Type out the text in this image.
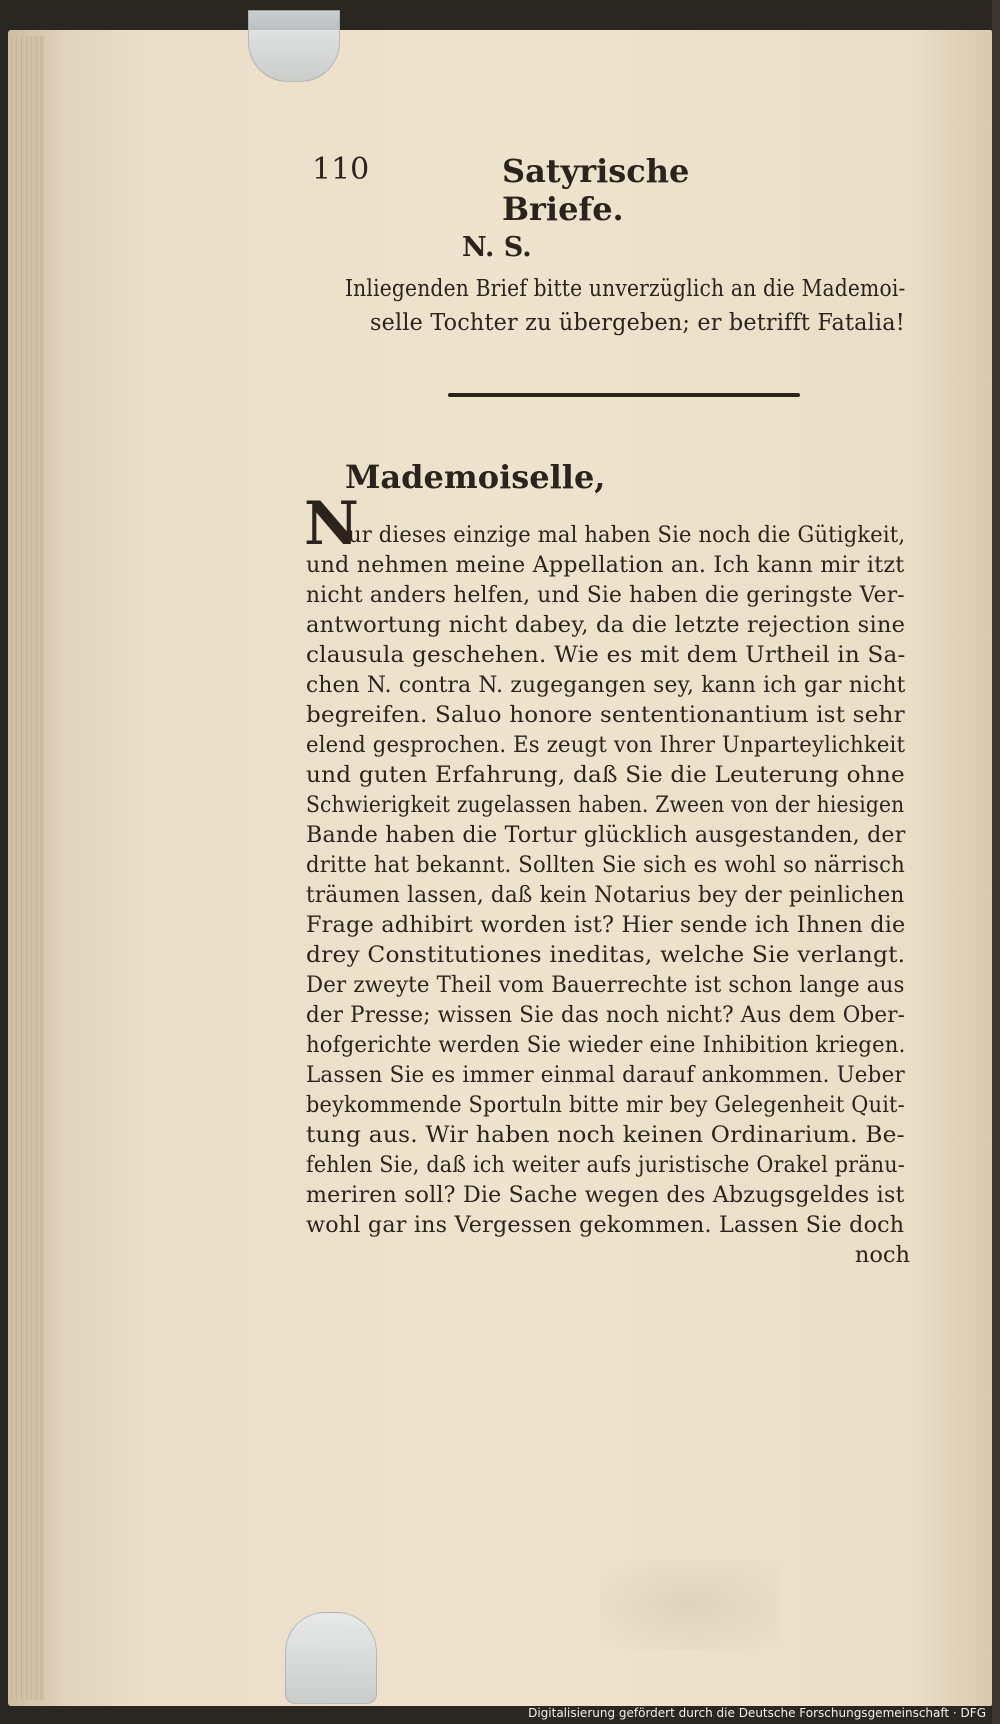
110	Satyrische Briefe.
N. S.
Inliegenden Brief bitte unverzüglich an die Mademoi-
selle Tochter zu übergeben; er betrifft Fatalia!
Mademoiselle,
N
ur dieses einzige mal haben Sie noch die Gütigkeit,
und nehmen meine Appellation an. Ich kann mir itzt
nicht anders helfen, und Sie haben die geringste Ver-
antwortung nicht dabey, da die letzte rejection sine
clausula geschehen. Wie es mit dem Urtheil in Sa-
chen N. contra N. zugegangen sey, kann ich gar nicht
begreifen. Saluo honore sententionantium ist sehr
elend gesprochen. Es zeugt von Ihrer Unparteylichkeit
und guten Erfahrung, daß Sie die Leuterung ohne
Schwierigkeit zugelassen haben. Zween von der hiesigen
Bande haben die Tortur glücklich ausgestanden, der
dritte hat bekannt. Sollten Sie sich es wohl so närrisch
träumen lassen, daß kein Notarius bey der peinlichen
Frage adhibirt worden ist? Hier sende ich Ihnen die
drey Constitutiones ineditas, welche Sie verlangt.
Der zweyte Theil vom Bauerrechte ist schon lange aus
der Presse; wissen Sie das noch nicht? Aus dem Ober-
hofgerichte werden Sie wieder eine Inhibition kriegen.
Lassen Sie es immer einmal darauf ankommen. Ueber
beykommende Sportuln bitte mir bey Gelegenheit Quit-
tung aus. Wir haben noch keinen Ordinarium. Be-
fehlen Sie, daß ich weiter aufs juristische Orakel pränu-
meriren soll? Die Sache wegen des Abzugsgeldes ist
wohl gar ins Vergessen gekommen. Lassen Sie doch
noch
Digitalisierung gefördert durch die Deutsche Forschungsgemeinschaft · DFG
